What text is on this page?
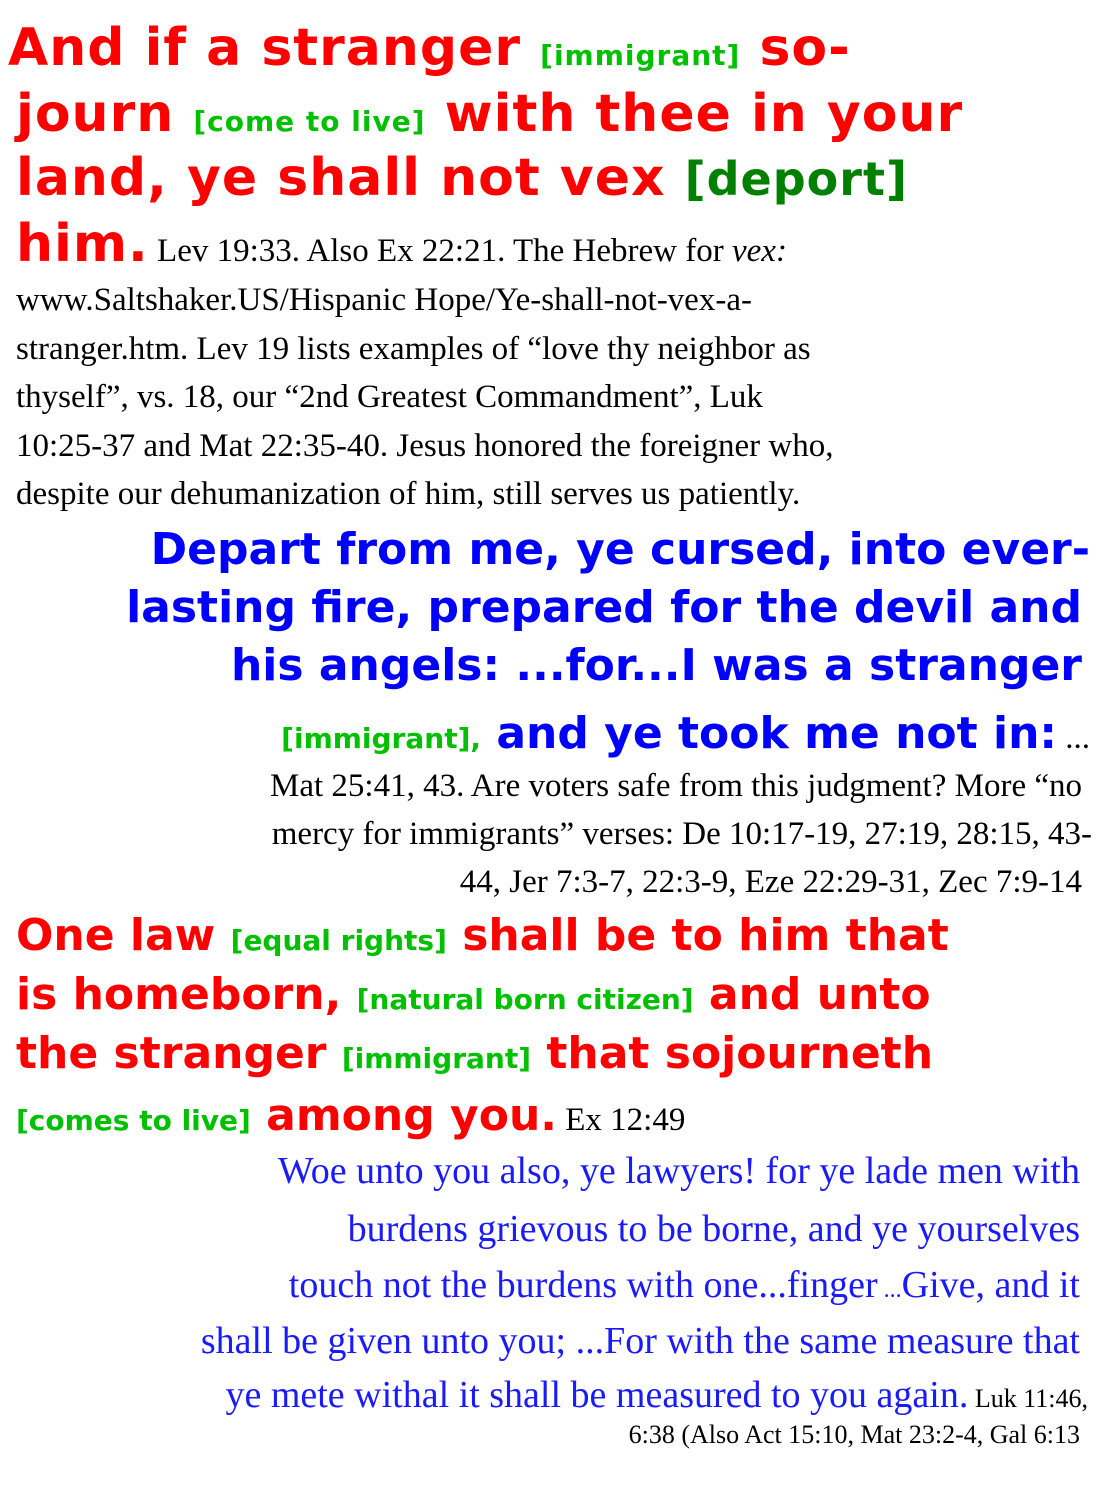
And if a stranger [immigrant] so-
journ [come to live] with thee in your
land, ye shall not vex [deport]
him. Lev 19:33. Also Ex 22:21. The Hebrew for vex:
www.Saltshaker.US/Hispanic Hope/Ye-shall-not-vex-a-
stranger.htm. Lev 19 lists examples of “love thy neighbor as
thyself”, vs. 18, our “2nd Greatest Commandment”, Luk
10:25-37 and Mat 22:35-40. Jesus honored the foreigner who,
despite our dehumanization of him, still serves us patiently.
Depart from me, ye cursed, into ever-
lasting fire, prepared for the devil and
his angels: ...for...I was a stranger
[immigrant], and ye took me not in: ...
Mat 25:41, 43. Are voters safe from this judgment? More “no
mercy for immigrants” verses: De 10:17-19, 27:19, 28:15, 43-
44, Jer 7:3-7, 22:3-9, Eze 22:29-31, Zec 7:9-14
One law [equal rights] shall be to him that
is homeborn, [natural born citizen] and unto
the stranger [immigrant] that sojourneth
[comes to live] among you. Ex 12:49
Woe unto you also, ye lawyers! for ye lade men with
burdens grievous to be borne, and ye yourselves
touch not the burdens with one...finger ...Give, and it
shall be given unto you; ...For with the same measure that
ye mete withal it shall be measured to you again. Luk 11:46,
6:38 (Also Act 15:10, Mat 23:2-4, Gal 6:13
